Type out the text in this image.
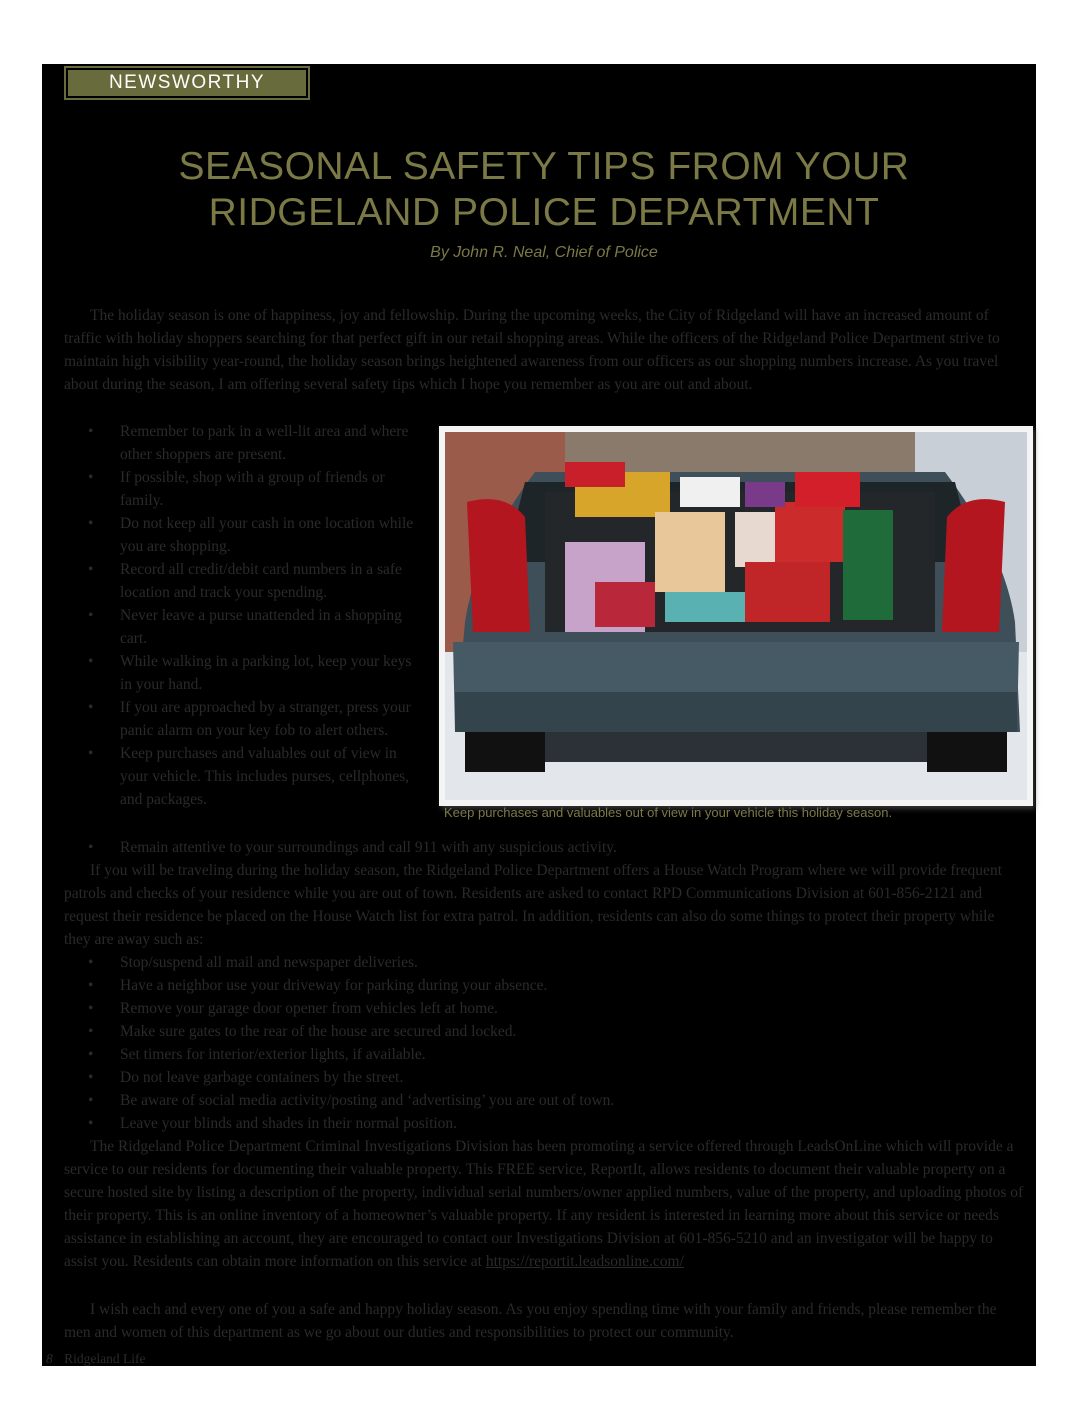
NEWSWORTHY
SEASONAL SAFETY TIPS FROM YOUR
RIDGELAND POLICE DEPARTMENT
By John R. Neal, Chief of Police

The holiday season is one of happiness, joy and fellowship. During the upcoming weeks, the City of Ridgeland will have an increased amount of traffic with holiday shoppers searching for that perfect gift in our retail shopping areas. While the officers of the Ridgeland Police Department strive to maintain high visibility year-round, the holiday season brings heightened awareness from our officers as our shopping numbers increase. As you travel about during the season, I am offering several safety tips which I hope you remember as you are out and about.

• Remember to park in a well-lit area and where other shoppers are present.
• If possible, shop with a group of friends or family.
• Do not keep all your cash in one location while you are shopping.
• Record all credit/debit card numbers in a safe location and track your spending.
• Never leave a purse unattended in a shopping cart.
• While walking in a parking lot, keep your keys in your hand.
• If you are approached by a stranger, press your panic alarm on your key fob to alert others.
• Keep purchases and valuables out of view in your vehicle. This includes purses, cellphones, and packages.
• Remain attentive to your surroundings and call 911 with any suspicious activity.

If you will be traveling during the holiday season, the Ridgeland Police Department offers a House Watch Program where we will provide frequent patrols and checks of your residence while you are out of town. Residents are asked to contact RPD Communications Division at 601-856-2121 and request their residence be placed on the House Watch list for extra patrol. In addition, residents can also do some things to protect their property while they are away such as:

• Stop/suspend all mail and newspaper deliveries.
• Have a neighbor use your driveway for parking during your absence.
• Remove your garage door opener from vehicles left at home.
• Make sure gates to the rear of the house are secured and locked.
• Set timers for interior/exterior lights, if available.
• Do not leave garbage containers by the street.
• Be aware of social media activity/posting and ‘advertising’ you are out of town.
• Leave your blinds and shades in their normal position.

The Ridgeland Police Department Criminal Investigations Division has been promoting a service offered through LeadsOnLine which will provide a service to our residents for documenting their valuable property. This FREE service, ReportIt, allows residents to document their valuable property on a secure hosted site by listing a description of the property, individual serial numbers/owner applied numbers, value of the property, and uploading photos of their property. This is an online inventory of a homeowner’s valuable property. If any resident is interested in learning more about this service or needs assistance in establishing an account, they are encouraged to contact our Investigations Division at 601-856-5210 and an investigator will be happy to assist you. Residents can obtain more information on this service at https://reportit.leadsonline.com/

I wish each and every one of you a safe and happy holiday season. As you enjoy spending time with your family and friends, please remember the men and women of this department as we go about our duties and responsibilities to protect our community.

Keep purchases and valuables out of view in your vehicle this holiday season.
8 Ridgeland Life
